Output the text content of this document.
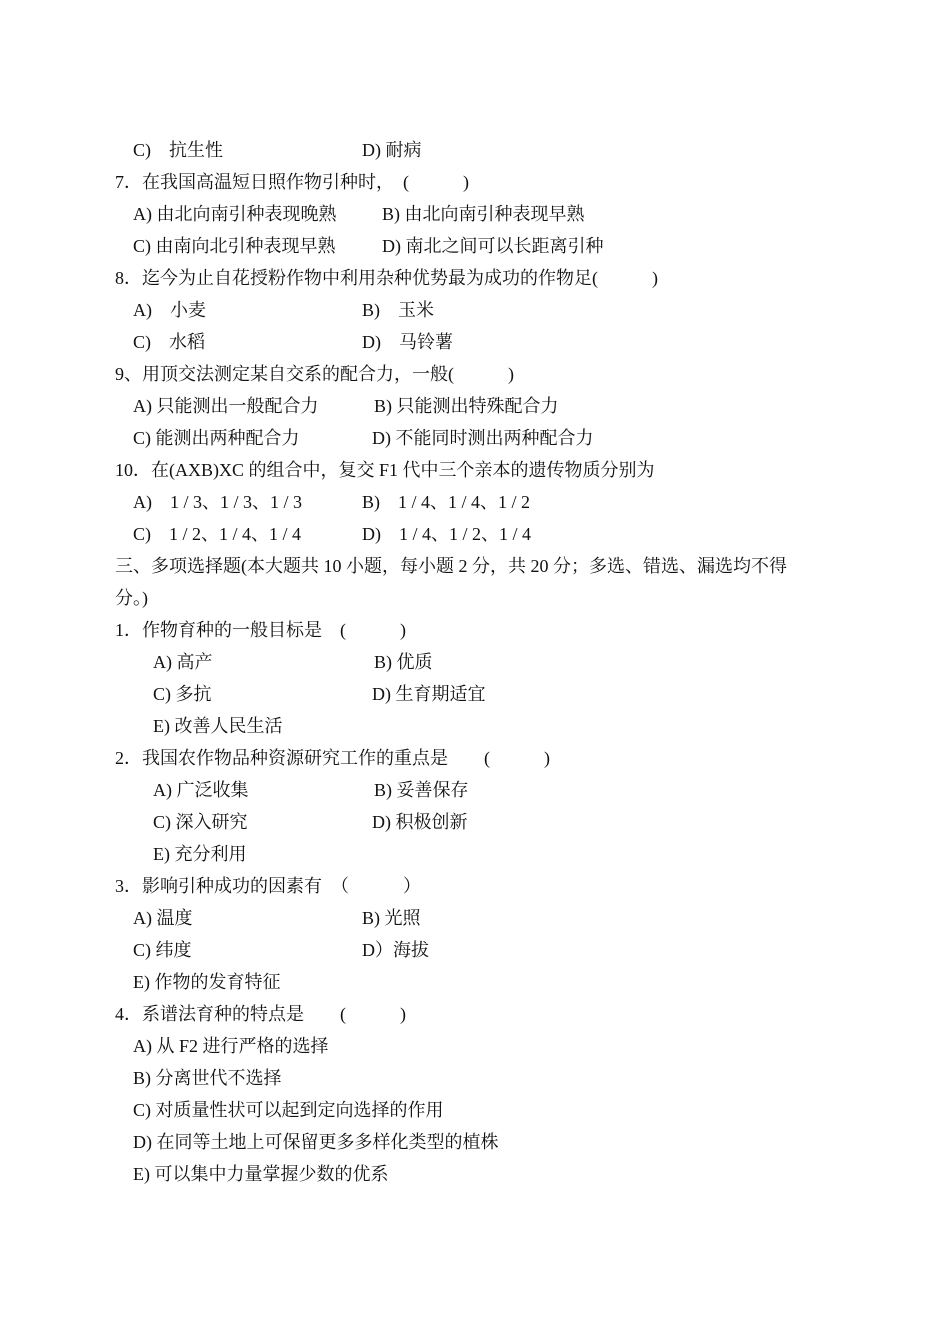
C)　抗生性	D) 耐病
7．在我国高温短日照作物引种时，　(　　　)
A) 由北向南引种表现晚熟	B) 由北向南引种表现早熟
C) 由南向北引种表现早熟	D) 南北之间可以长距离引种
8．迄今为止自花授粉作物中利用杂种优势最为成功的作物足(　　　)
A)　小麦	B)　玉米
C)　水稻	D)　马铃薯
9、用顶交法测定某自交系的配合力，一般(　　　)
A) 只能测出一般配合力	B) 只能测出特殊配合力
C) 能测出两种配合力	D) 不能同时测出两种配合力
10．在(AXB)XC 的组合中，复交 F1 代中三个亲本的遗传物质分别为
A)　1 / 3、1 / 3、1 / 3	B)　1 / 4、1 / 4、1 / 2
C)　1 / 2、1 / 4、1 / 4	D)　1 / 4、1 / 2、1 / 4
三、多项选择题(本大题共 10 小题，每小题 2 分，共 20 分；多选、错选、漏选均不得
分。)
1．作物育种的一般目标是　(　　　)
A) 高产	B) 优质
C) 多抗	D) 生育期适宜
E) 改善人民生活
2．我国农作物品种资源研究工作的重点是　　(　　　)
A) 广泛收集	B) 妥善保存
C) 深入研究	D) 积极创新
E) 充分利用
3．影响引种成功的因素有　（　　　）
A) 温度	B) 光照
C) 纬度	D）海拔
E) 作物的发育特征
4．系谱法育种的特点是　　(　　　)
A) 从 F2 进行严格的选择
B) 分离世代不选择
C) 对质量性状可以起到定向选择的作用
D) 在同等土地上可保留更多多样化类型的植株
E) 可以集中力量掌握少数的优系
